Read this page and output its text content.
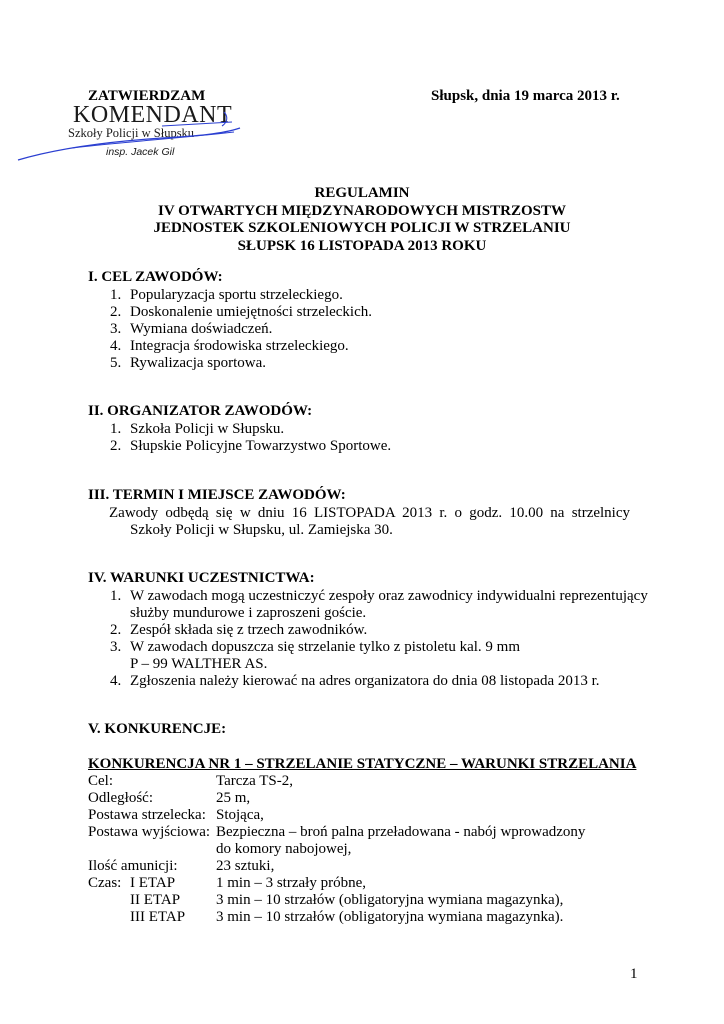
ZATWIERDZAM	Słupsk, dnia 19 marca 2013 r.
KOMENDANT
Szkoły Policji w Słupsku
insp. Jacek Gil
REGULAMIN
IV OTWARTYCH MIĘDZYNARODOWYCH MISTRZOSTW
JEDNOSTEK SZKOLENIOWYCH POLICJI W STRZELANIU
SŁUPSK 16 LISTOPADA 2013 ROKU
I. CEL ZAWODÓW:
1. Popularyzacja sportu strzeleckiego.
2. Doskonalenie umiejętności strzeleckich.
3. Wymiana doświadczeń.
4. Integracja środowiska strzeleckiego.
5. Rywalizacja sportowa.
II. ORGANIZATOR ZAWODÓW:
1. Szkoła Policji w Słupsku.
2. Słupskie Policyjne Towarzystwo Sportowe.
III. TERMIN I MIEJSCE ZAWODÓW:
Zawody odbędą się w dniu 16 LISTOPADA 2013 r. o godz. 10.00 na strzelnicy
Szkoły Policji w Słupsku, ul. Zamiejska 30.
IV. WARUNKI UCZESTNICTWA:
1. W zawodach mogą uczestniczyć zespoły oraz zawodnicy indywidualni reprezentujący
służby mundurowe i zaproszeni goście.
2. Zespół składa się z trzech zawodników.
3. W zawodach dopuszcza się strzelanie tylko z pistoletu kal. 9 mm
P – 99 WALTHER AS.
4. Zgłoszenia należy kierować na adres organizatora do dnia 08 listopada 2013 r.
V. KONKURENCJE:
KONKURENCJA NR 1 – STRZELANIE STATYCZNE – WARUNKI STRZELANIA
Cel:	Tarcza TS-2,
Odległość:	25 m,
Postawa strzelecka: Stojąca,
Postawa wyjściowa: Bezpieczna – broń palna przeładowana - nabój wprowadzony
do komory nabojowej,
Ilość amunicji:	23 sztuki,
Czas: I ETAP	1 min – 3 strzały próbne,
II ETAP 3 min – 10 strzałów (obligatoryjna wymiana magazynka),
III ETAP 3 min – 10 strzałów (obligatoryjna wymiana magazynka).
1
